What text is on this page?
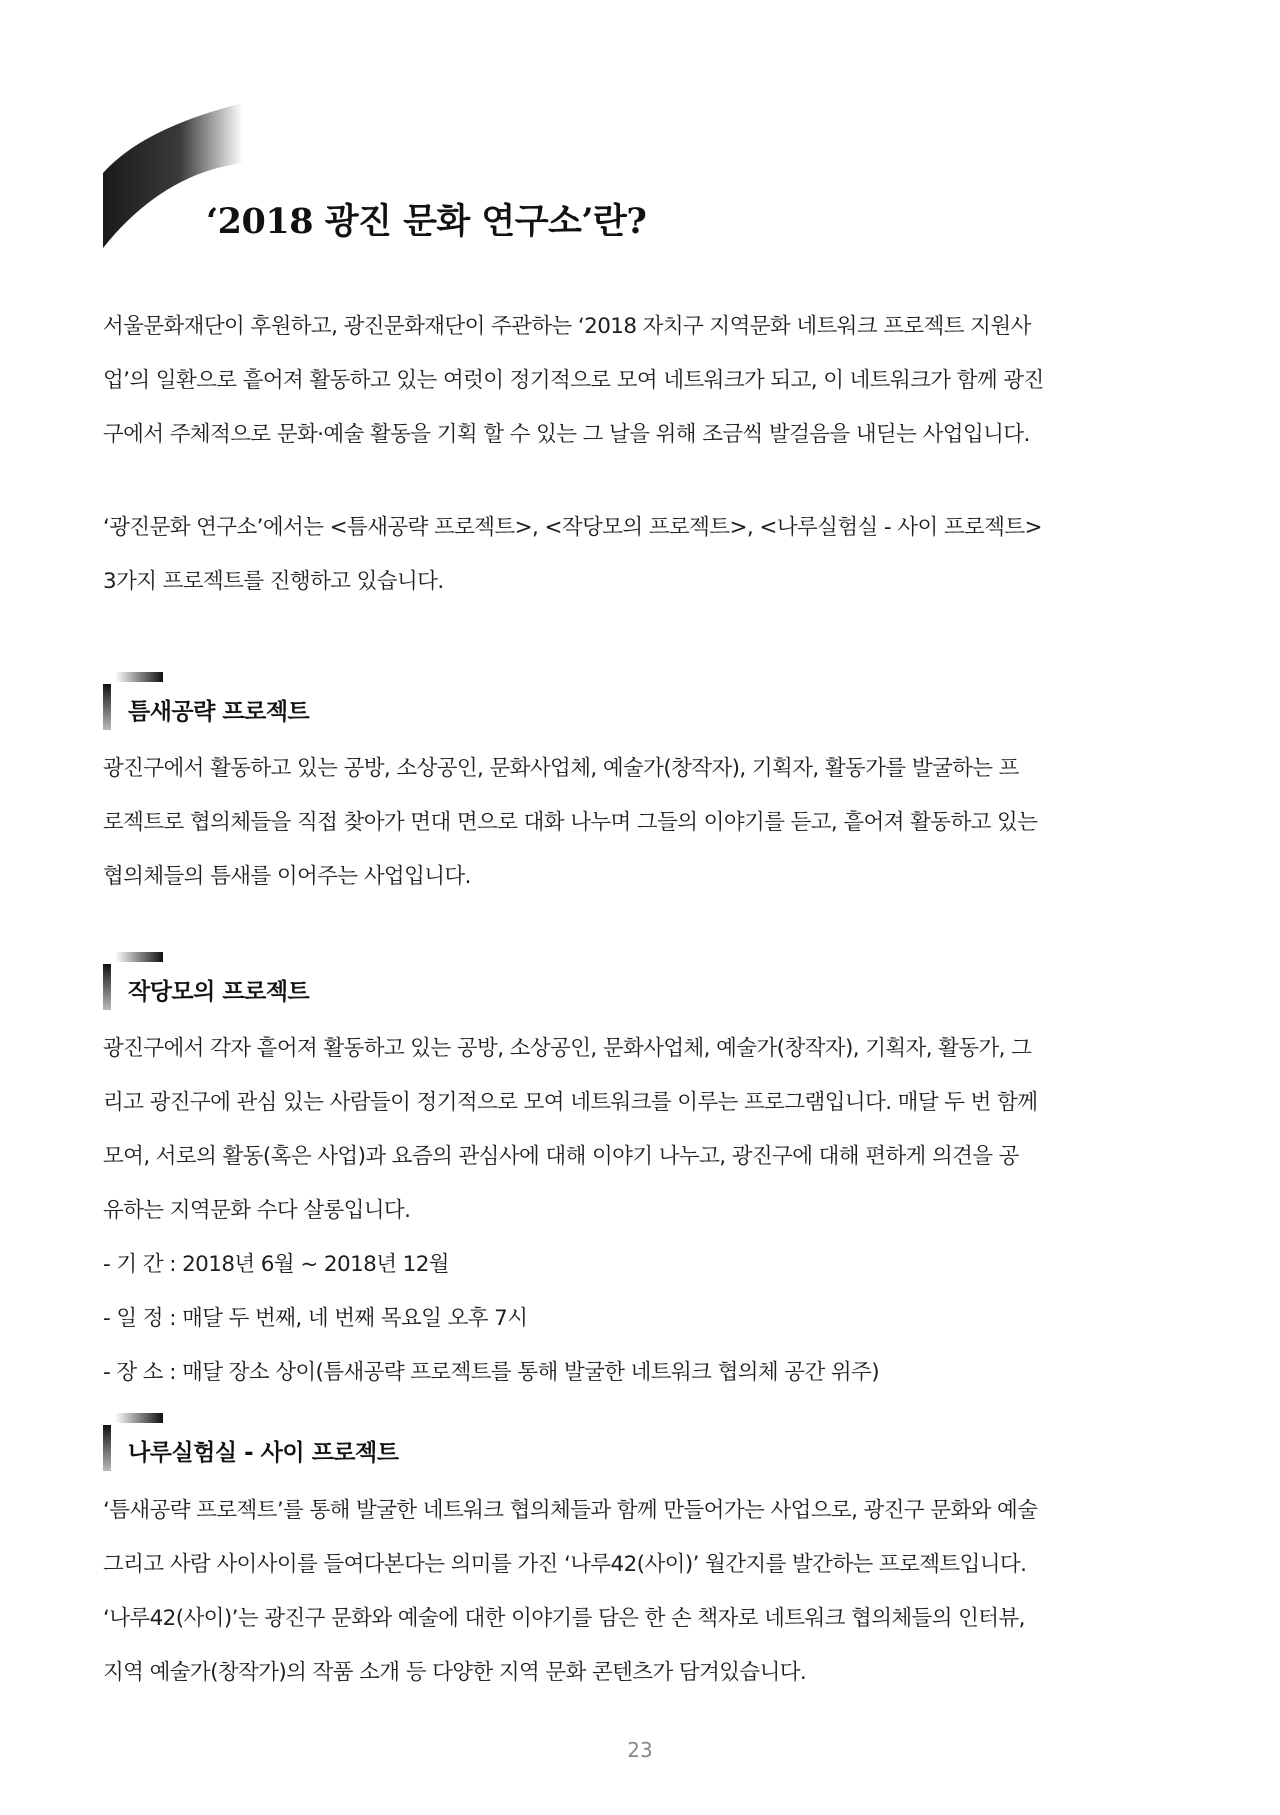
‘2018 광진 문화 연구소’란?

서울문화재단이 후원하고, 광진문화재단이 주관하는 ‘2018 자치구 지역문화 네트워크 프로젝트 지원사
업’의 일환으로 흩어져 활동하고 있는 여럿이 정기적으로 모여 네트워크가 되고, 이 네트워크가 함께 광진
구에서 주체적으로 문화·예술 활동을 기획 할 수 있는 그 날을 위해 조금씩 발걸음을 내딛는 사업입니다.

‘광진문화 연구소’에서는 <틈새공략 프로젝트>, <작당모의 프로젝트>, <나루실험실 - 사이 프로젝트>
3가지 프로젝트를 진행하고 있습니다.

틈새공략 프로젝트

광진구에서 활동하고 있는 공방, 소상공인, 문화사업체, 예술가(창작자), 기획자, 활동가를 발굴하는 프
로젝트로 협의체들을 직접 찾아가 면대 면으로 대화 나누며 그들의 이야기를 듣고, 흩어져 활동하고 있는
협의체들의 틈새를 이어주는 사업입니다.

작당모의 프로젝트

광진구에서 각자 흩어져 활동하고 있는 공방, 소상공인, 문화사업체, 예술가(창작자), 기획자, 활동가, 그
리고 광진구에 관심 있는 사람들이 정기적으로 모여 네트워크를 이루는 프로그램입니다. 매달 두 번 함께
모여, 서로의 활동(혹은 사업)과 요즘의 관심사에 대해 이야기 나누고, 광진구에 대해 편하게 의견을 공
유하는 지역문화 수다 살롱입니다.
- 기 간 : 2018년 6월 ~ 2018년 12월
- 일 정 : 매달 두 번째, 네 번째 목요일 오후 7시
- 장 소 : 매달 장소 상이(틈새공략 프로젝트를 통해 발굴한 네트워크 협의체 공간 위주)

나루실험실 - 사이 프로젝트

‘틈새공략 프로젝트’를 통해 발굴한 네트워크 협의체들과 함께 만들어가는 사업으로, 광진구 문화와 예술
그리고 사람 사이사이를 들여다본다는 의미를 가진 ‘나루42(사이)’ 월간지를 발간하는 프로젝트입니다.
‘나루42(사이)’는 광진구 문화와 예술에 대한 이야기를 담은 한 손 책자로 네트워크 협의체들의 인터뷰,
지역 예술가(창작가)의 작품 소개 등 다양한 지역 문화 콘텐츠가 담겨있습니다.

23
